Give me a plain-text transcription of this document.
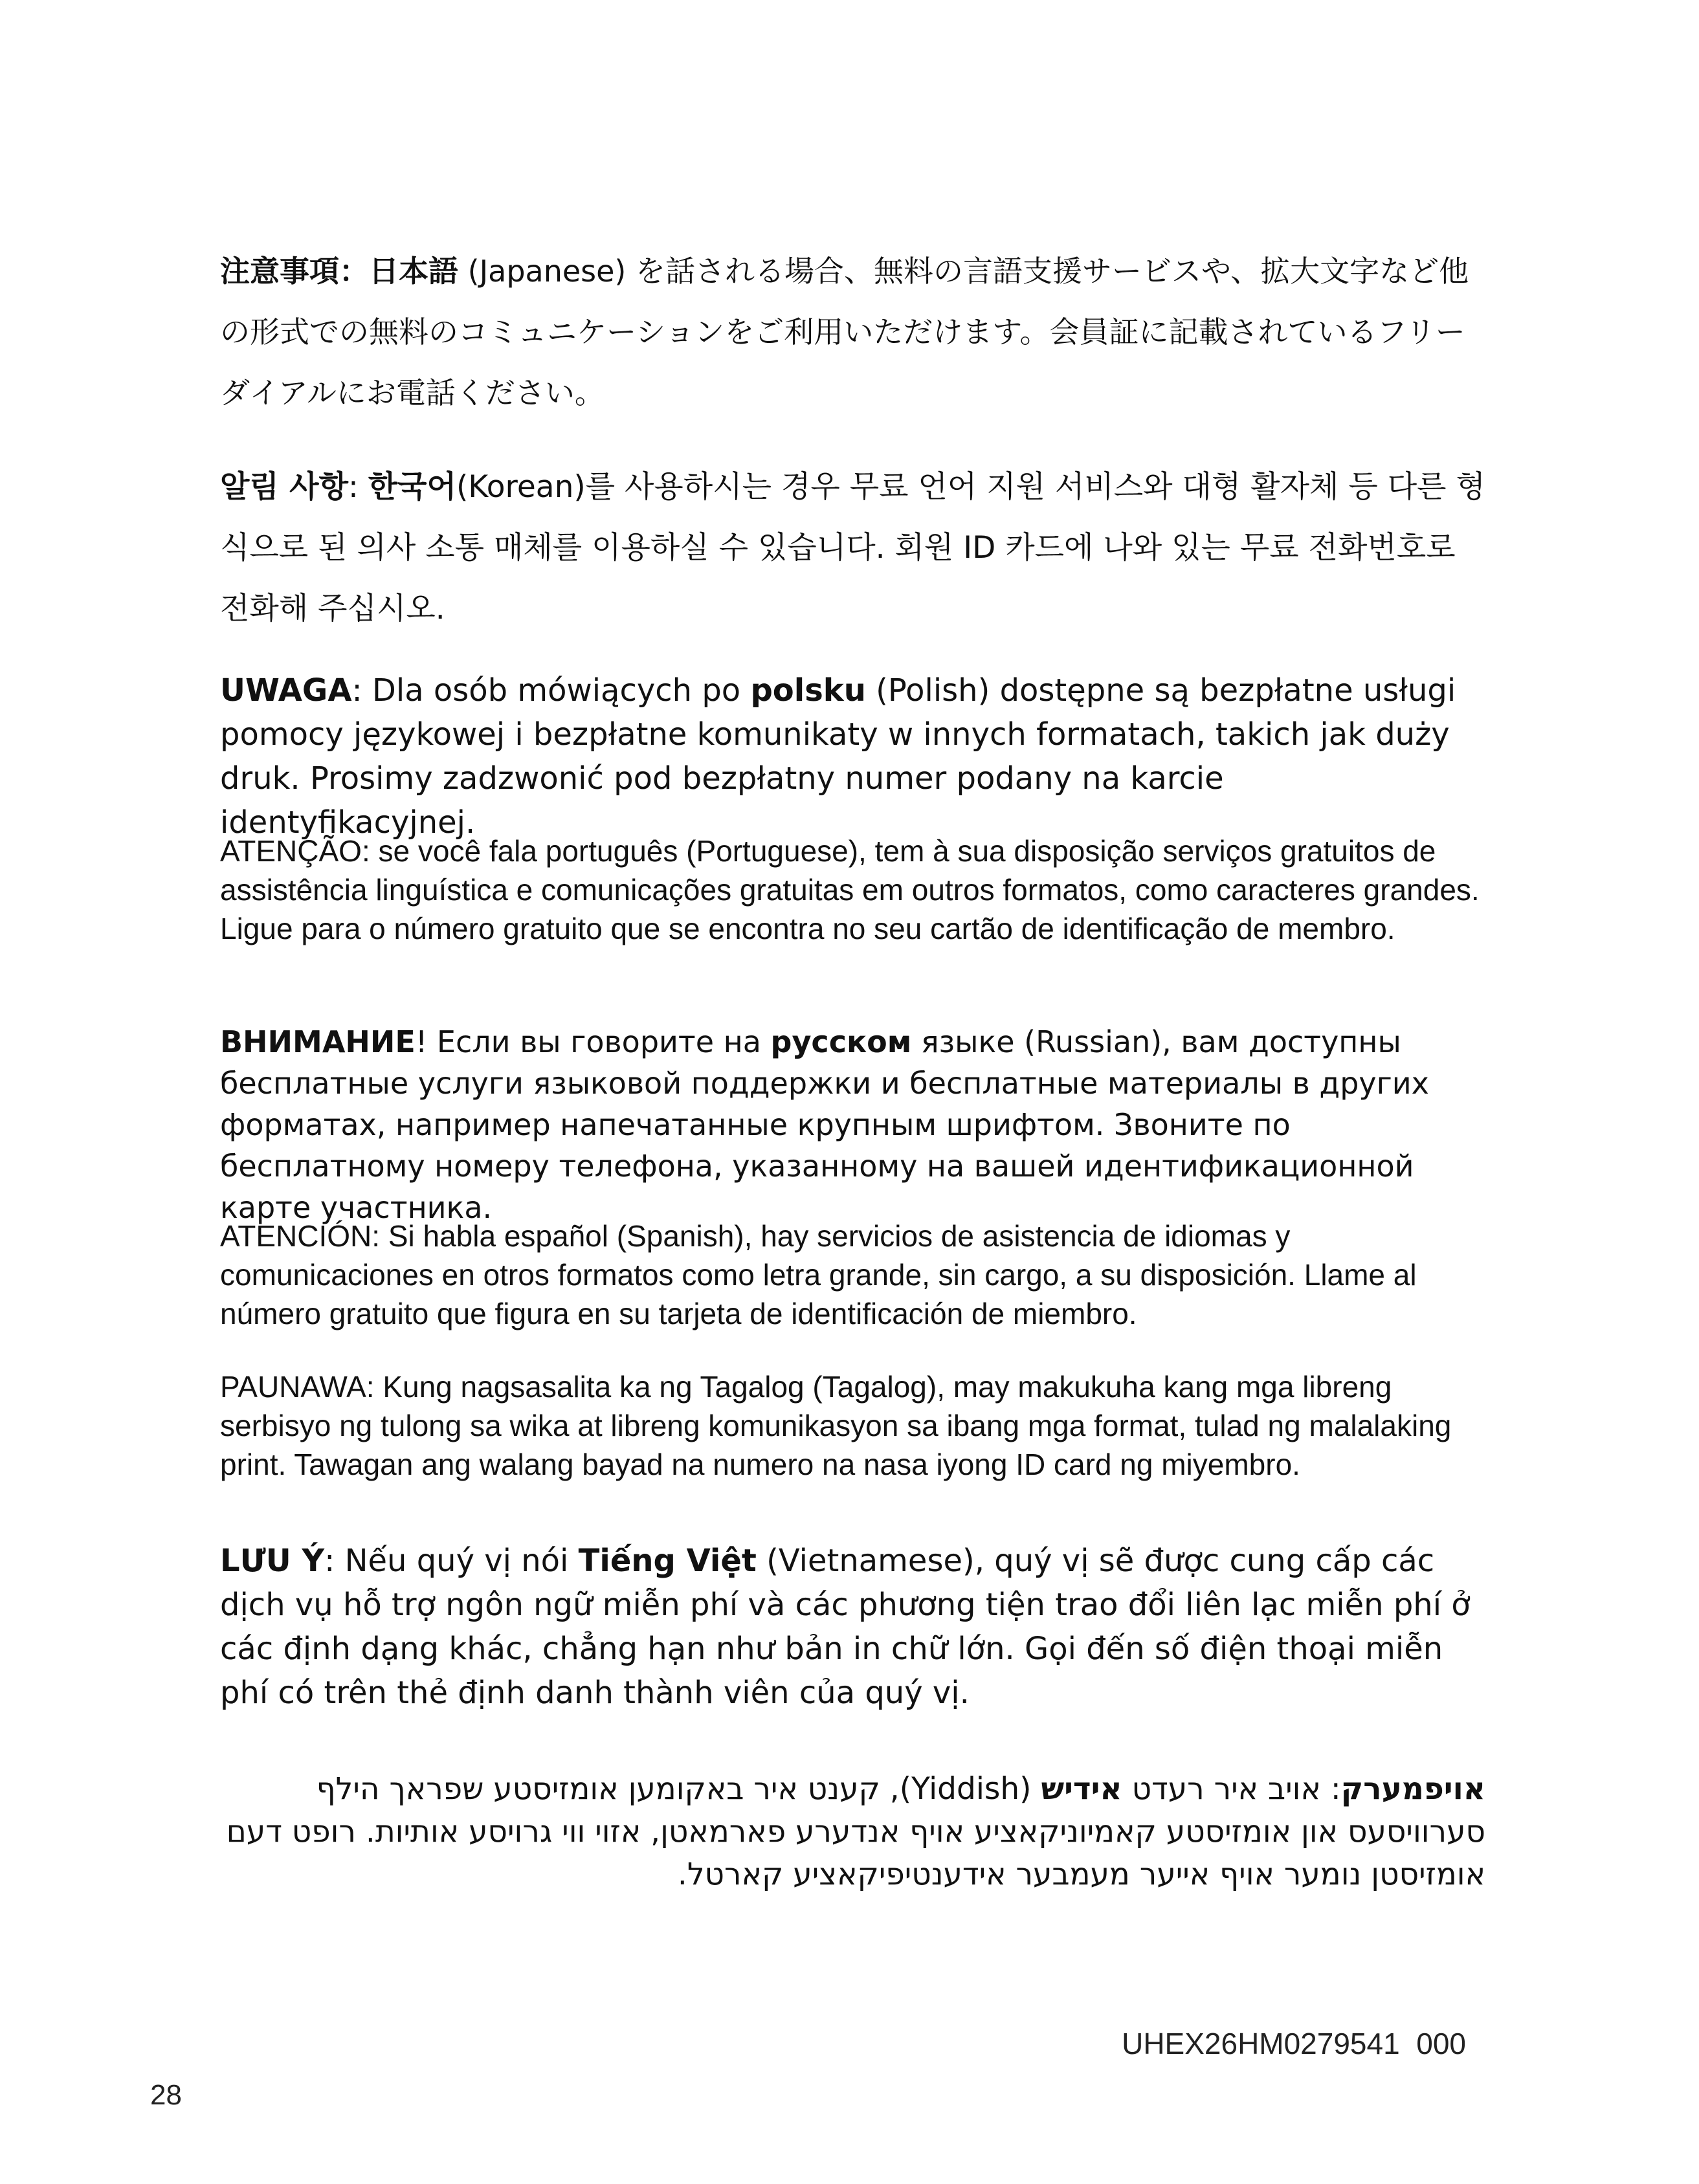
注意事項：日本語 (Japanese) を話される場合、無料の言語支援サービスや、拡大文字など他の形式での無料のコミュニケーションをご利用いただけます。会員証に記載されているフリーダイアルにお電話ください。

알림 사항: 한국어(Korean)를 사용하시는 경우 무료 언어 지원 서비스와 대형 활자체 등 다른 형식으로 된 의사 소통 매체를 이용하실 수 있습니다. 회원 ID 카드에 나와 있는 무료 전화번호로 전화해 주십시오.

UWAGA: Dla osób mówiących po polsku (Polish) dostępne są bezpłatne usługi pomocy językowej i bezpłatne komunikaty w innych formatach, takich jak duży druk. Prosimy zadzwonić pod bezpłatny numer podany na karcie identyfikacyjnej.

ATENÇÃO: se você fala português (Portuguese), tem à sua disposição serviços gratuitos de assistência linguística e comunicações gratuitas em outros formatos, como caracteres grandes. Ligue para o número gratuito que se encontra no seu cartão de identificação de membro.

ВНИМАНИЕ! Если вы говорите на русском языке (Russian), вам доступны бесплатные услуги языковой поддержки и бесплатные материалы в других форматах, например напечатанные крупным шрифтом. Звоните по бесплатному номеру телефона, указанному на вашей идентификационной карте участника.

ATENCIÓN: Si habla español (Spanish), hay servicios de asistencia de idiomas y comunicaciones en otros formatos como letra grande, sin cargo, a su disposición. Llame al número gratuito que figura en su tarjeta de identificación de miembro.

PAUNAWA: Kung nagsasalita ka ng Tagalog (Tagalog), may makukuha kang mga libreng serbisyo ng tulong sa wika at libreng komunikasyon sa ibang mga format, tulad ng malalaking print. Tawagan ang walang bayad na numero na nasa iyong ID card ng miyembro.

LƯU Ý: Nếu quý vị nói Tiếng Việt (Vietnamese), quý vị sẽ được cung cấp các dịch vụ hỗ trợ ngôn ngữ miễn phí và các phương tiện trao đổi liên lạc miễn phí ở các định dạng khác, chẳng hạn như bản in chữ lớn. Gọi đến số điện thoại miễn phí có trên thẻ định danh thành viên của quý vị.

אויפמערק: אויב איר רעדט אידיש (Yiddish), קענט איר באקומען אומזיסטע שפראך הילף סערוויסעס און אומזיסטע קאמיוניקאציע אויף אנדערע פארמאטן, אזוי ווי גרויסע אותיות. רופט דעם אומזיסטן נומער אויף אייער מעמבער אידענטיפיקאציע קארטל.

UHEX26HM0279541  000
28
